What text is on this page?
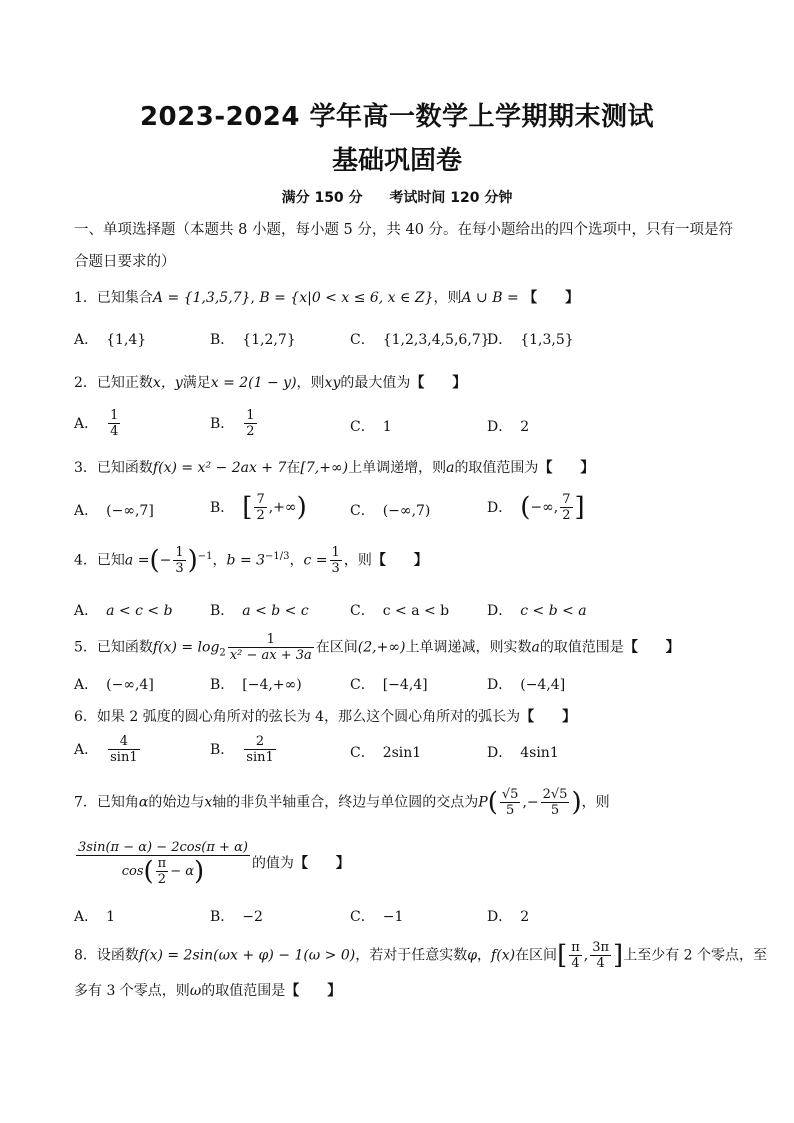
2023-2024 学年高一数学上学期期末测试
基础巩固卷
满分 150 分 考试时间 120 分钟
一、单项选择题（本题共 8 小题，每小题 5 分，共 40 分。在每小题给出的四个选项中，只有一项是符合题日要求的）
1．已知集合A = {1,3,5,7}, B = {x|0 < x ≤ 6, x ∈ Z}，则A ∪ B = 【　　】
A． {1,4}	B． {1,2,7}	C． {1,2,3,4,5,6,7}
D． {1,3,5}
2．已知正数x，y满足x = 2(1 − y)，则xy的最大值为【　　】
A． $\frac{1}{4}$	B． $\frac{1}{2}$	C． 1	D． 2
3．已知函数f(x) = x² − 2ax + 7在[7,+∞)上单调递增，则a的取值范围为【　　】
A． (−∞,7]	B． [ $\frac{7}{2}$ ,+∞)	C． (−∞,7)	D． (−∞, $\frac{7}{2}$ ]
4．已知a =(− $\frac{1}{3} )^{-1}$，$b = 3^{-1/3}$，$c = \frac{1}{3}$ ，则【　　】
A． a < c < b	B． a < b < c	C． c < a < b	D． c < b < a
5．已知函数$f(x) = \log_2 \frac{1}{\text{x² − ax + 3a}}$ 在区间(2,+∞)上单调递减，则实数a的取值范围是【　　】
A． (−∞,4]	B． [−4,+∞)	C． [−4,4]	D． (−4,4]
6．如果 2 弧度的圆心角所对的弦长为 4，那么这个圆心角所对的弧长为【　　】
A． $\frac{4}{\sin 1}$	B． $\frac{2}{\sin 1}$	C． 2sin1	D． 4sin1
7．已知角α的始边与x轴的非负半轴重合，终边与单位圆的交点为$P( \frac{√5}{5}$ ,− $\frac{2√5}{5}$ )，则
$\frac{3\sin(\pi - \alpha) - 2\cos(\pi + \alpha)}{\cos( \frac{\pi}{2} - \alpha)}$ 的值为【　　】
A． 1	B． −2	C． −1	D． 2
8．设函数f(x) = 2sin(ωx + φ) − 1(ω > 0)，若对于任意实数φ，f(x)在区间[ $\frac{\pi}{4}$ , $\frac{3\pi}{4}$ ]上至少有 2 个零点，至
多有 3 个零点，则ω的取值范围是【　　】
